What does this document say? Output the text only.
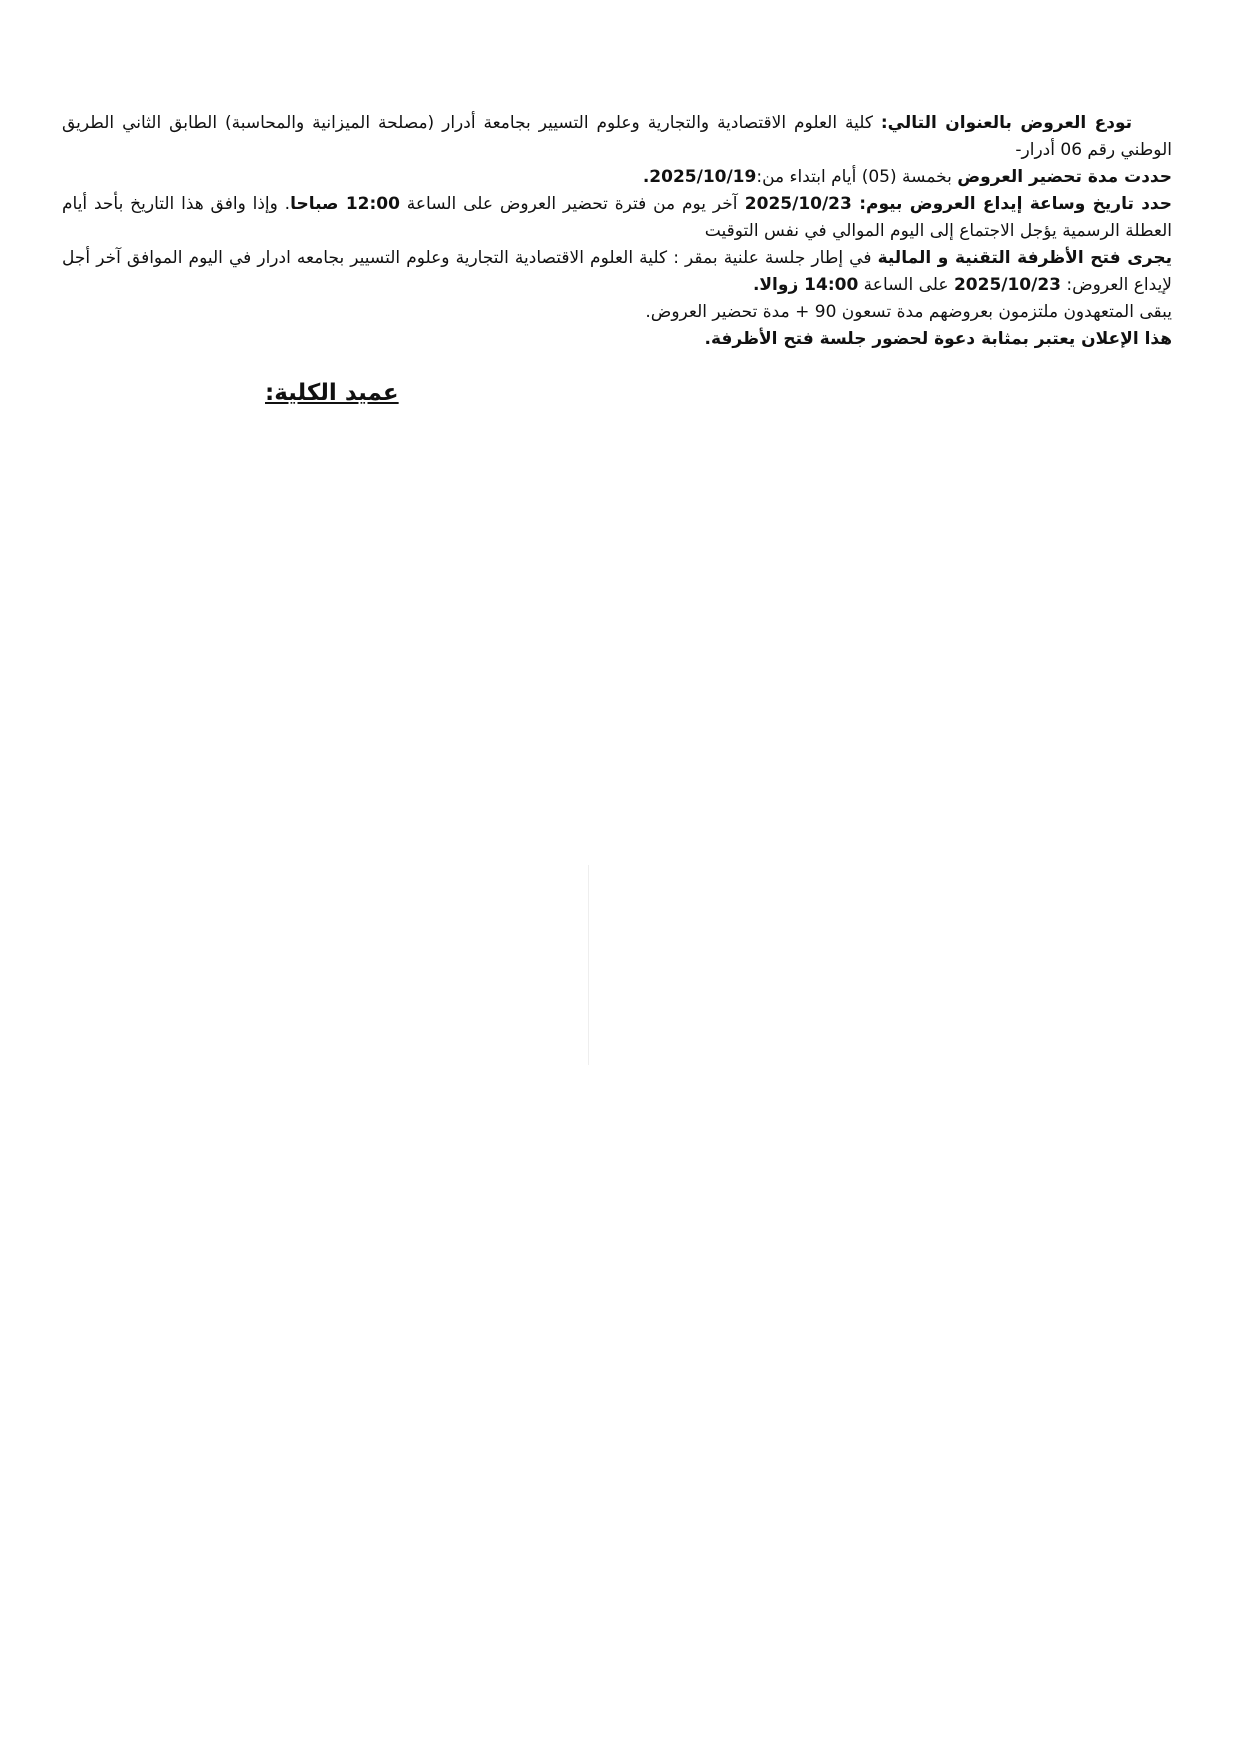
تودع العروض بالعنوان التالي: كلية العلوم الاقتصادية والتجارية وعلوم التسيير بجامعة أدرار (مصلحة الميزانية والمحاسبة) الطابق الثاني الطريق الوطني رقم 06 أدرار-

حددت مدة تحضير العروض بخمسة (05) أيام ابتداء من:2025/10/19.

حدد تاريخ وساعة إيداع العروض بيوم: 2025/10/23 آخر يوم من فترة تحضير العروض على الساعة 12:00 صباحا. وإذا وافق هذا التاريخ بأحد أيام العطلة الرسمية يؤجل الاجتماع إلى اليوم الموالي في نفس التوقيت

يجرى فتح الأظرفة التقنية و المالية في إطار جلسة علنية بمقر : كلية العلوم الاقتصادية التجارية وعلوم التسيير بجامعه ادرار في اليوم الموافق آخر أجل لإيداع العروض: 2025/10/23 على الساعة 14:00 زوالا.

يبقى المتعهدون ملتزمون بعروضهم مدة تسعون 90 + مدة تحضير العروض.

هذا الإعلان يعتبر بمثابة دعوة لحضور جلسة فتح الأظرفة.

عميد الكلية:
